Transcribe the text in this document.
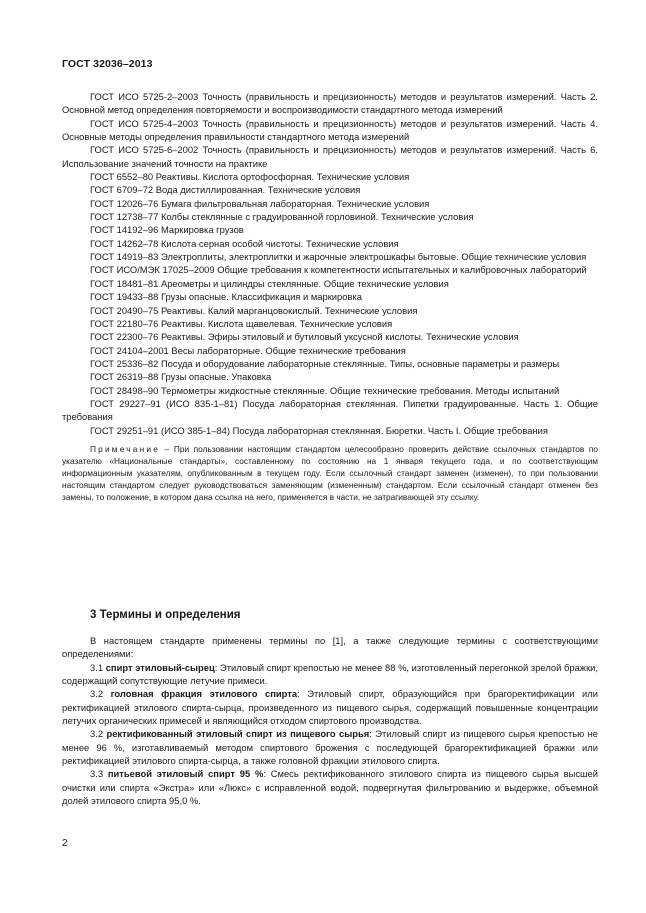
ГОСТ 32036–2013

ГОСТ ИСО 5725-2–2003 Точность (правильность и прецизионность) методов и результатов измерений. Часть 2. Основной метод определения повторяемости и воспроизводимости стандартного метода измерений

ГОСТ ИСО 5725-4–2003 Точность (правильность и прецизионность) методов и результатов измерений. Часть 4. Основные методы определения правильности стандартного метода измерений

ГОСТ ИСО 5725-6–2002 Точность (правильность и прецизионность) методов и результатов измерений. Часть 6. Использование значений точности на практике

ГОСТ 6552–80 Реактивы. Кислота ортофосфорная. Технические условия

ГОСТ 6709–72 Вода дистиллированная. Технические условия

ГОСТ 12026–76 Бумага фильтровальная лабораторная. Технические условия

ГОСТ 12738–77 Колбы стеклянные с градуированной горловиной. Технические условия

ГОСТ 14192–96 Маркировка грузов

ГОСТ 14262–78 Кислота серная особой чистоты. Технические условия

ГОСТ 14919–83 Электроплиты, электроплитки и жарочные электрошкафы бытовые. Общие технические условия

ГОСТ ИСО/МЭК 17025–2009 Общие требования к компетентности испытательных и калибровочных лабораторий

ГОСТ 18481–81 Ареометры и цилиндры стеклянные. Общие технические условия

ГОСТ 19433–88 Грузы опасные. Классификация и маркировка

ГОСТ 20490–75 Реактивы. Калий марганцовокислый. Технические условия

ГОСТ 22180–76 Реактивы. Кислота щавелевая. Технические условия

ГОСТ 22300–76 Реактивы. Эфиры этиловый и бутиловый уксусной кислоты. Технические условия

ГОСТ 24104–2001 Весы лабораторные. Общие технические требования

ГОСТ 25336–82 Посуда и оборудование лабораторные стеклянные. Типы, основные параметры и размеры

ГОСТ 26319–88 Грузы опасные. Упаковка

ГОСТ 28498–90 Термометры жидкостные стеклянные. Общие технические требования. Методы испытаний

ГОСТ 29227–91 (ИСО 835-1–81) Посуда лабораторная стеклянная. Пипетки градуированные. Часть 1. Общие требования

ГОСТ 29251–91 (ИСО 385-1–84) Посуда лабораторная стеклянная. Бюретки. Часть I. Общие требования

Примечание – При пользовании настоящим стандартом целесообразно проверить действие ссылочных стандартов по указателю «Национальные стандарты», составленному по состоянию на 1 января текущего года, и по соответствующим информационным указателям, опубликованным в текущем году. Если ссылочный стандарт заменен (изменен), то при пользовании настоящим стандартом следует руководствоваться заменяющим (измененным) стандартом. Если ссылочный стандарт отменен без замены, то положение, в котором дана ссылка на него, применяется в части, не затрагивающей эту ссылку.

3 Термины и определения

В настоящем стандарте применены термины по [1], а также следующие термины с соответствующими определениями:

3.1 спирт этиловый-сырец: Этиловый спирт крепостью не менее 88 %, изготовленный перегонкой зрелой бражки, содержащий сопутствующие летучие примеси.

3.2 головная фракция этилового спирта: Этиловый спирт, образующийся при брагоректификации или ректификацией этилового спирта-сырца, произведенного из пищевого сырья, содержащий повышенные концентрации летучих органических примесей и являющийся отходом спиртового производства.

3.2 ректификованный этиловый спирт из пищевого сырья: Этиловый спирт из пищевого сырья крепостью не менее 96 %, изготавливаемый методом спиртового брожения с последующей брагоректификацией бражки или ректификацией этилового спирта-сырца, а также головной фракции этилового спирта.

3.3 питьевой этиловый спирт 95 %: Смесь ректификованного этилового спирта из пищевого сырья высшей очистки или спирта «Экстра» или «Люкс» с исправленной водой, подвергнутая фильтрованию и выдержке, объемной долей этилового спирта 95,0 %.

2
